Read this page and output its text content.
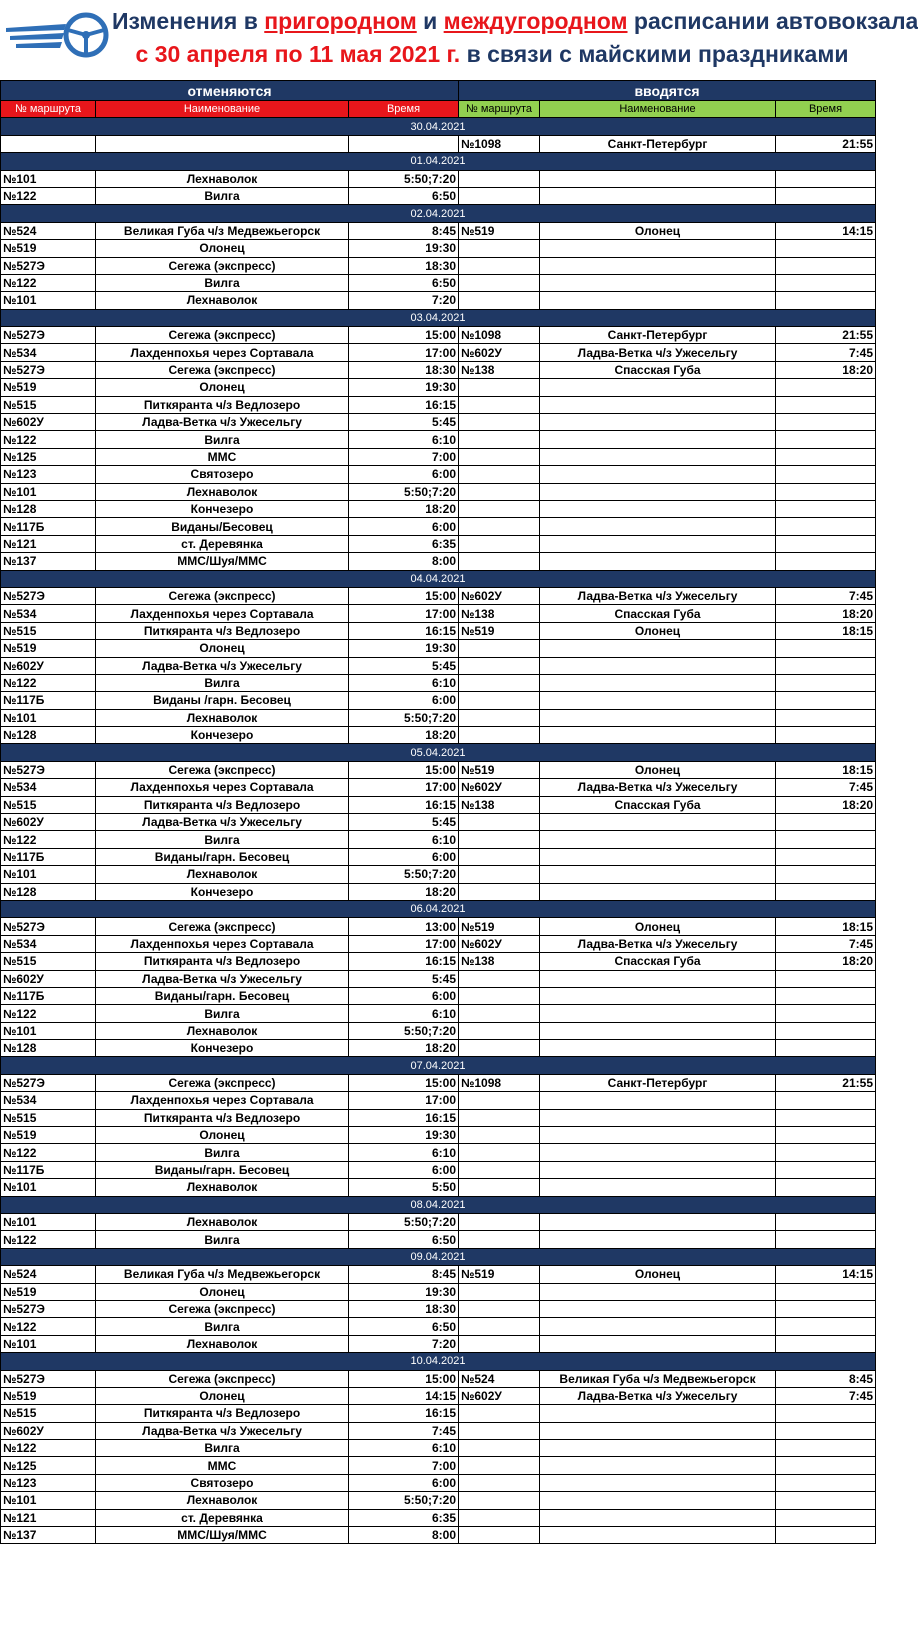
Изменения в пригородном и междугородном расписании автовокзала
с 30 апреля по 11 мая 2021 г. в связи с майскими праздниками
отменяются			вводятся		
№ маршрута	Наименование	Время	№ маршрута	Наименование	Время
30.04.2021					
			№1098	Санкт-Петербург	21:55
01.04.2021					
№101	Лехнаволок	5:50;7:20			
№122	Вилга	6:50			
02.04.2021					
№524	Великая Губа ч/з Медвежьегорск	8:45	№519	Олонец	14:15
№519	Олонец	19:30			
№527Э	Сегежа (экспресс)	18:30			
№122	Вилга	6:50			
№101	Лехнаволок	7:20			
03.04.2021					
№527Э	Сегежа (экспресс)	15:00	№1098	Санкт-Петербург	21:55
№534	Лахденпохья через Сортавала	17:00	№602У	Ладва-Ветка ч/з Ужесельгу	7:45
№527Э	Сегежа (экспресс)	18:30	№138	Спасская Губа	18:20
№519	Олонец	19:30			
№515	Питкяранта ч/з Ведлозеро	16:15			
№602У	Ладва-Ветка ч/з Ужесельгу	5:45			
№122	Вилга	6:10			
№125	ММС	7:00			
№123	Святозеро	6:00			
№101	Лехнаволок	5:50;7:20			
№128	Кончезеро	18:20			
№117Б	Виданы/Бесовец	6:00			
№121	ст. Деревянка	6:35			
№137	ММС/Шуя/ММС	8:00			
04.04.2021					
№527Э	Сегежа (экспресс)	15:00	№602У	Ладва-Ветка ч/з Ужесельгу	7:45
№534	Лахденпохья через Сортавала	17:00	№138	Спасская Губа	18:20
№515	Питкяранта ч/з Ведлозеро	16:15	№519	Олонец	18:15
№519	Олонец	19:30			
№602У	Ладва-Ветка ч/з Ужесельгу	5:45			
№122	Вилга	6:10			
№117Б	Виданы /гарн. Бесовец	6:00			
№101	Лехнаволок	5:50;7:20			
№128	Кончезеро	18:20			
05.04.2021					
№527Э	Сегежа (экспресс)	15:00	№519	Олонец	18:15
№534	Лахденпохья через Сортавала	17:00	№602У	Ладва-Ветка ч/з Ужесельгу	7:45
№515	Питкяранта ч/з Ведлозеро	16:15	№138	Спасская Губа	18:20
№602У	Ладва-Ветка ч/з Ужесельгу	5:45			
№122	Вилга	6:10			
№117Б	Виданы/гарн. Бесовец	6:00			
№101	Лехнаволок	5:50;7:20			
№128	Кончезеро	18:20			
06.04.2021					
№527Э	Сегежа (экспресс)	13:00	№519	Олонец	18:15
№534	Лахденпохья через Сортавала	17:00	№602У	Ладва-Ветка ч/з Ужесельгу	7:45
№515	Питкяранта ч/з Ведлозеро	16:15	№138	Спасская Губа	18:20
№602У	Ладва-Ветка ч/з Ужесельгу	5:45			
№117Б	Виданы/гарн. Бесовец	6:00			
№122	Вилга	6:10			
№101	Лехнаволок	5:50;7:20			
№128	Кончезеро	18:20			
07.04.2021					
№527Э	Сегежа (экспресс)	15:00	№1098	Санкт-Петербург	21:55
№534	Лахденпохья через Сортавала	17:00			
№515	Питкяранта ч/з Ведлозеро	16:15			
№519	Олонец	19:30			
№122	Вилга	6:10			
№117Б	Виданы/гарн. Бесовец	6:00			
№101	Лехнаволок	5:50			
08.04.2021					
№101	Лехнаволок	5:50;7:20			
№122	Вилга	6:50			
09.04.2021					
№524	Великая Губа ч/з Медвежьегорск	8:45	№519	Олонец	14:15
№519	Олонец	19:30			
№527Э	Сегежа (экспресс)	18:30			
№122	Вилга	6:50			
№101	Лехнаволок	7:20			
10.04.2021					
№527Э	Сегежа (экспресс)	15:00	№524	Великая Губа ч/з Медвежьегорск	8:45
№519	Олонец	14:15	№602У	Ладва-Ветка ч/з Ужесельгу	7:45
№515	Питкяранта ч/з Ведлозеро	16:15			
№602У	Ладва-Ветка ч/з Ужесельгу	7:45			
№122	Вилга	6:10			
№125	ММС	7:00			
№123	Святозеро	6:00			
№101	Лехнаволок	5:50;7:20			
№121	ст. Деревянка	6:35			
№137	ММС/Шуя/ММС	8:00			
